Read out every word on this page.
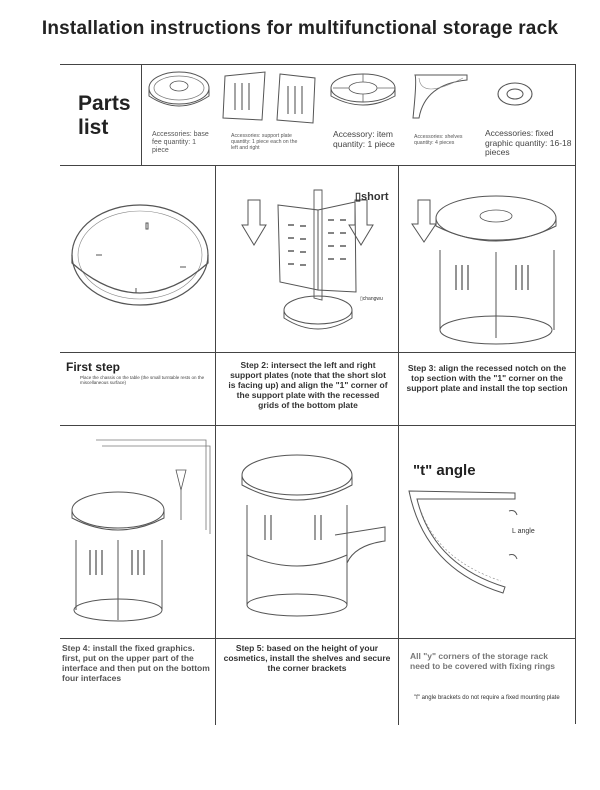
Installation instructions for multifunctional storage rack
Parts list	Accessories: base fee quantity: 1 piece
Accessories: support plate quantity: 1 piece each on the left and right
Accessory: item quantity: 1 piece
Accessories: shelves quantity: 4 pieces
Accessories: fixed graphic quantity: 16-18 pieces
First step
Place the chassis on the table (the small turntable rests on the miscellaneous surface)
▯short
▯changwu
Step 2: intersect the left and right support plates (note that the short slot is facing up) and align the "1" corner of the support plate with the recessed grids of the bottom plate
Step 3: align the recessed notch on the top section with the "1" corner on the support plate and install the top section
Step 4: install the fixed graphics. first, put on the upper part of the interface and then put on the bottom four interfaces
Step 5: based on the height of your cosmetics, install the shelves and secure the corner brackets
"t" angle
L angle
All "y" corners of the storage rack need to be covered with fixing rings
"f" angle brackets do not require a fixed mounting plate
